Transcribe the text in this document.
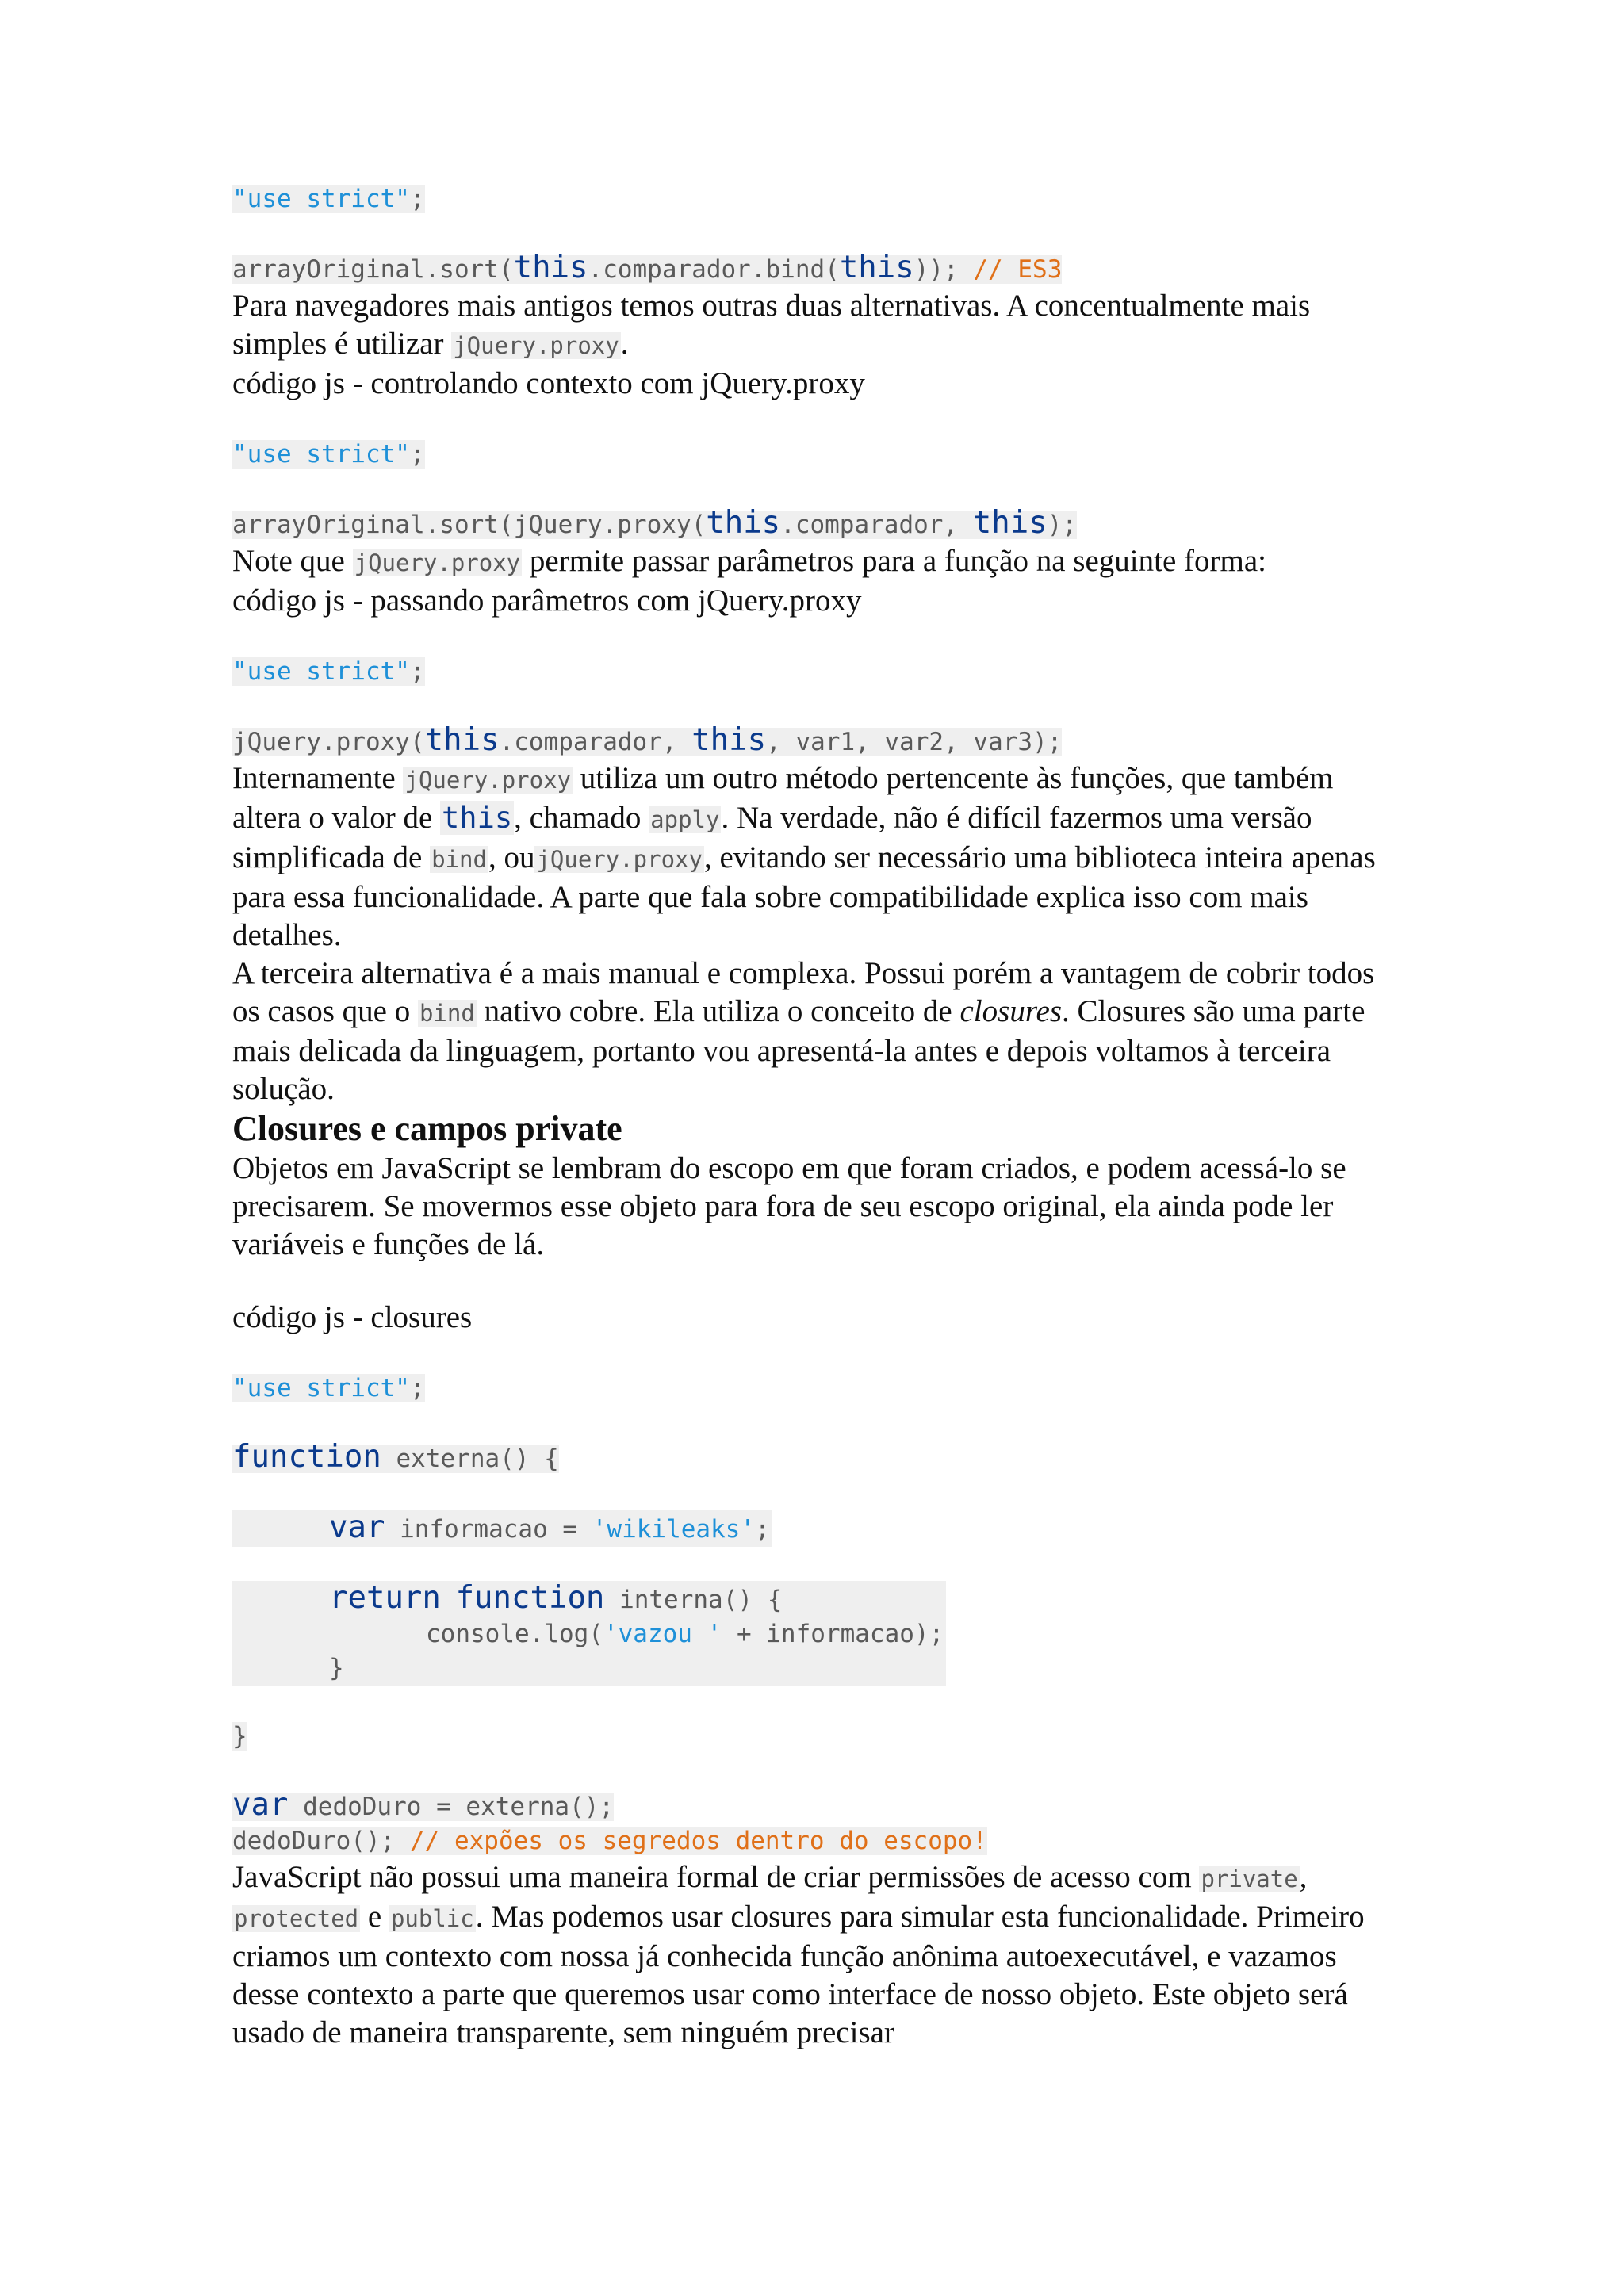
"use strict";
arrayOriginal.sort(this.comparador.bind(this)); // ES3

Para navegadores mais antigos temos outras duas alternativas. A concentualmente mais simples é utilizar jQuery.proxy.

código js - controlando contexto com jQuery.proxy

"use strict";
arrayOriginal.sort(jQuery.proxy(this.comparador, this);

Note que jQuery.proxy permite passar parâmetros para a função na seguinte forma:

código js - passando parâmetros com jQuery.proxy

"use strict";
jQuery.proxy(this.comparador, this, var1, var2, var3);

Internamente jQuery.proxy utiliza um outro método pertencente às funções, que também altera o valor de this, chamado apply. Na verdade, não é difícil fazermos uma versão simplificada de bind, oujQuery.proxy, evitando ser necessário uma biblioteca inteira apenas para essa funcionalidade. A parte que fala sobre compatibilidade explica isso com mais detalhes.

A terceira alternativa é a mais manual e complexa. Possui porém a vantagem de cobrir todos os casos que o bind nativo cobre. Ela utiliza o conceito de closures. Closures são uma parte mais delicada da linguagem, portanto vou apresentá-la antes e depois voltamos à terceira solução.

Closures e campos private

Objetos em JavaScript se lembram do escopo em que foram criados, e podem acessá-lo se precisarem. Se movermos esse objeto para fora de seu escopo original, ela ainda pode ler variáveis e funções de lá.

código js - closures

"use strict";
function externa() {
var informacao = 'wikileaks';
return function interna() {
console.log('vazou ' + informacao);
}
}
var dedoDuro = externa();
dedoDuro(); // expões os segredos dentro do escopo!

JavaScript não possui uma maneira formal de criar permissões de acesso com private, protected e public. Mas podemos usar closures para simular esta funcionalidade. Primeiro criamos um contexto com nossa já conhecida função anônima autoexecutável, e vazamos desse contexto a parte que queremos usar como interface de nosso objeto. Este objeto será usado de maneira transparente, sem ninguém precisar
